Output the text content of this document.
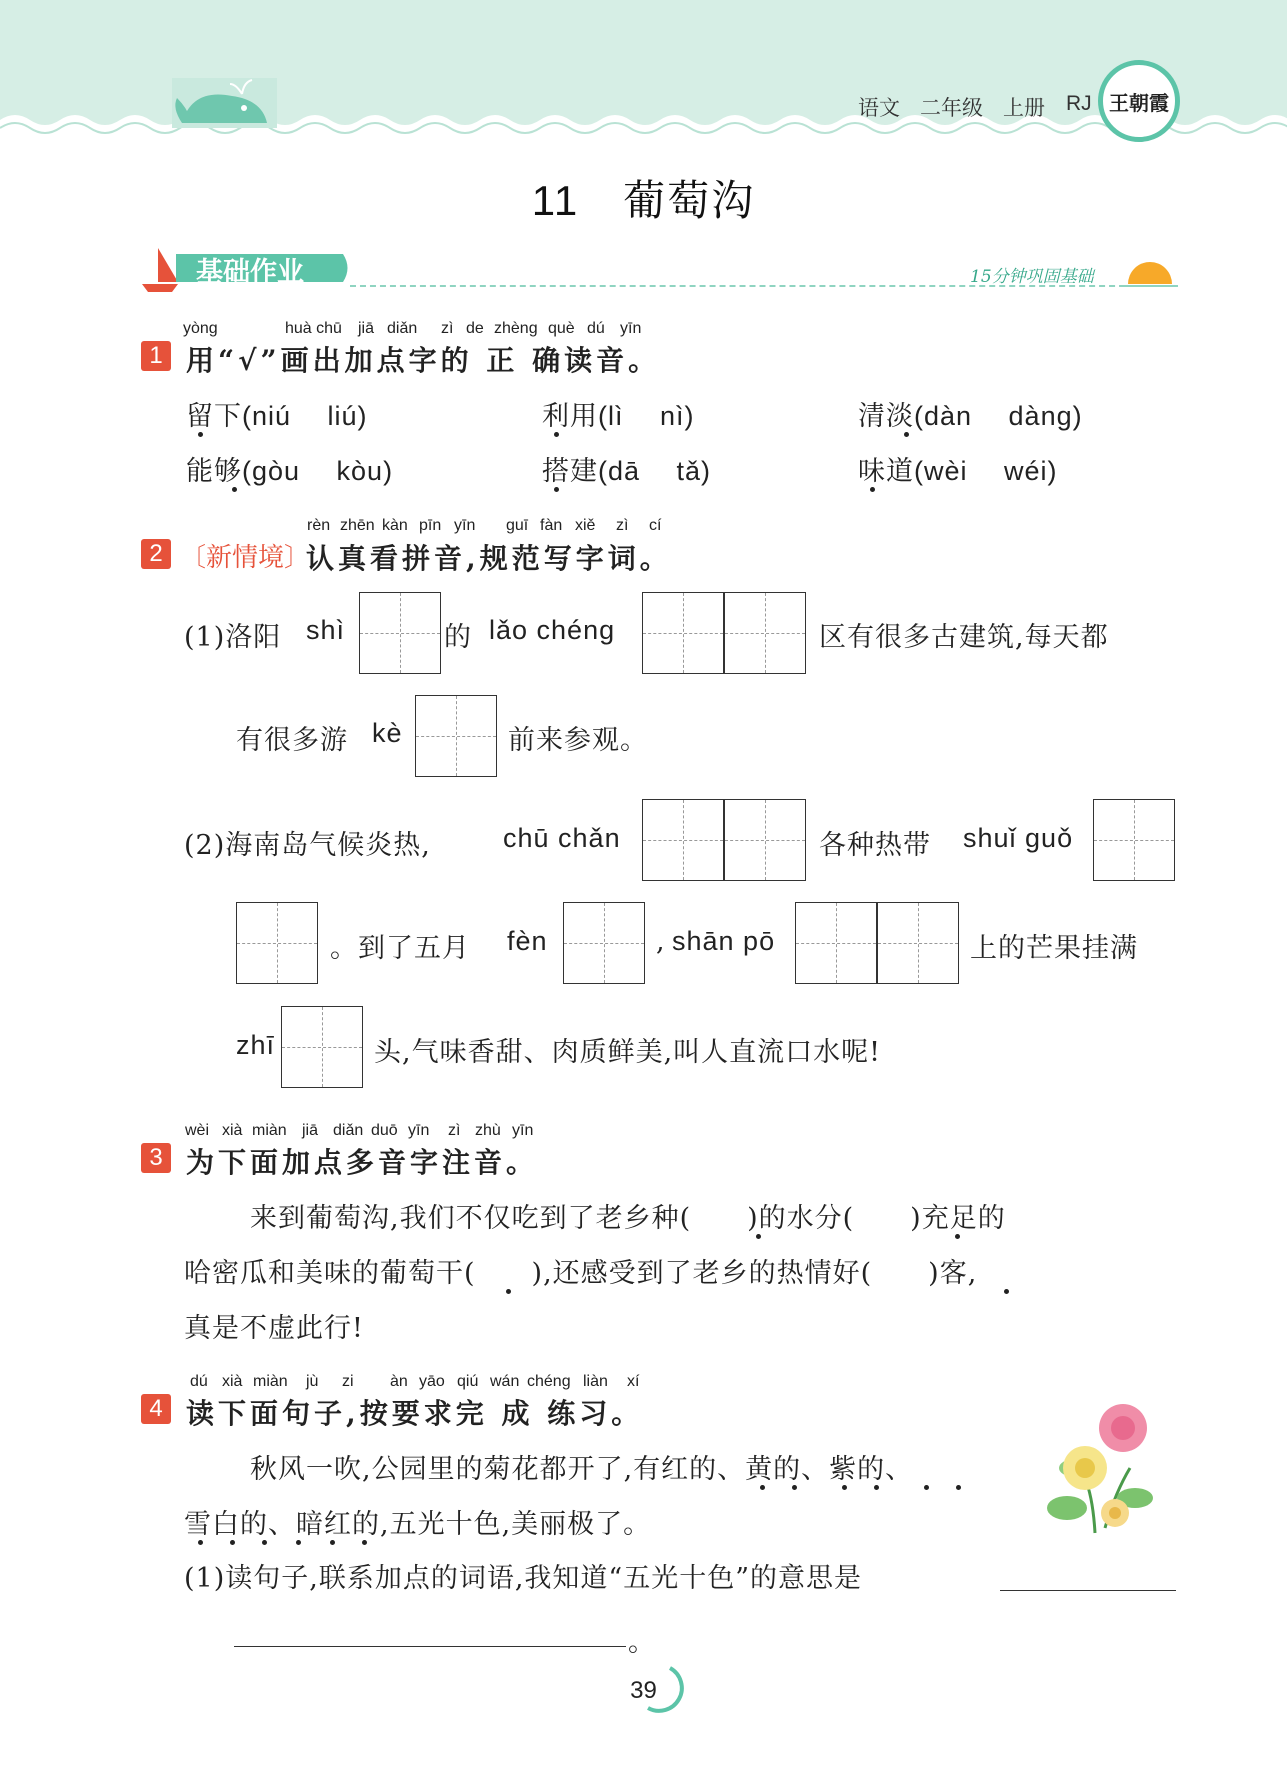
语文 二年级 上册 RJ 王朝霞
11　葡萄沟
基础作业	15分钟巩固基础
yòng	huà chū jiā diǎn zì de zhèng què dú yīn
1 用“√”画出加点字的 正 确读音。
留下(niú　 liú)	利用(lì　 nì)	清淡(dàn　 dàng)
能够(gòu　 kòu)	搭建(dā　 tǎ)	味道(wèi　 wéi)
rèn zhēn kàn pīn yīn guī fàn xiě zì cí
2 〔新情境〕
认真看拼音,规范写字词。
(1)洛阳 shì	的 lǎo chéng	区有很多古建筑,每天都
有很多游 kè	前来参观。
(2)海南岛气候炎热,	chū chǎn	各种热带 shuǐ guǒ
。到了五月 fèn	, shān pō	上的芒果挂满
zhī	头,气味香甜、肉质鲜美,叫人直流口水呢!
wèi xià miàn jiā diǎn duō yīn zì zhù yīn
3 为下面加点多音字注音。
来到葡萄沟,我们不仅吃到了老乡种(　　)的水分(　　)充足的
哈密瓜和美味的葡萄干(　　),还感受到了老乡的热情好(　　)客,
真是不虚此行!
dú xià miàn jù zi àn yāo qiú wán chéng liàn xí
4 读下面句子,按要求完 成 练习。
秋风一吹,公园里的菊花都开了,有红的、黄的、紫的、
雪白的、暗红的,五光十色,美丽极了。
(1)读句子,联系加点的词语,我知道“五光十色”的意思是
。
39
